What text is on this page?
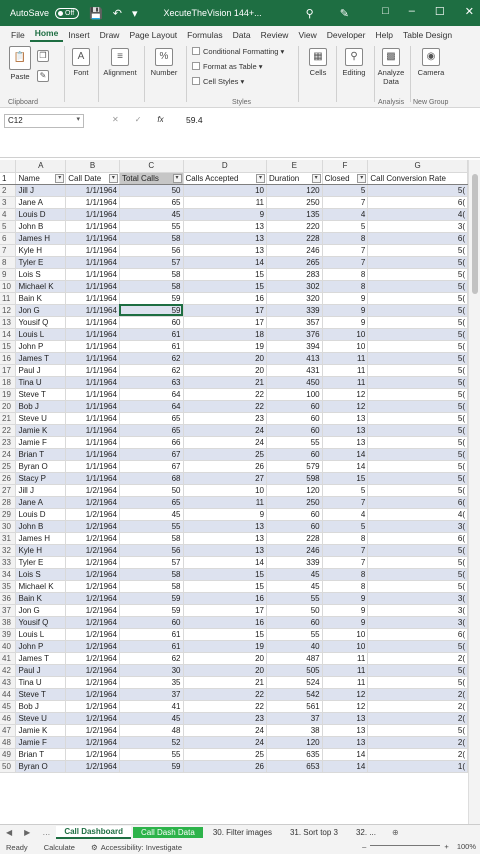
AutoSave	Off	💾 ↶ ▾	XecuteTheVision 144+...	⚲ ✎	□ – ☐ ✕
File	Home	Insert	Draw	Page Layout	Formulas	Data	Review	View	Developer	Help	Table Design
📋
Paste
❐
✎
Clipboard
A
Font
≡
Alignment
%
Number
Conditional Formatting ▾
Format as Table ▾
Cell Styles ▾
Styles
▦
Cells
⚲
Editing
▩
Analyze Data
Analysis
◉
Camera
New Group
C12	▾	✕ ✓ fx	59.4
	A	B	C	D	E	F	G
1	Name ▾	Call Date ▾	Total Calls ▾	Calls Accepted ▾	Duration ▾	Closed ▾	Call Conversion Rate
2	Jill J	1/1/1964	50	10	120	5	5(
3	Jane A	1/1/1964	65	11	250	7	6(
4	Louis D	1/1/1964	45	9	135	4	4(
5	John B	1/1/1964	55	13	220	5	3(
6	James H	1/1/1964	58	13	228	8	6(
7	Kyle H	1/1/1964	56	13	246	7	5(
8	Tyler E	1/1/1964	57	14	265	7	5(
9	Lois S	1/1/1964	58	15	283	8	5(
10	Michael K	1/1/1964	58	15	302	8	5(
11	Bain K	1/1/1964	59	16	320	9	5(
12	Jon G	1/1/1964	59	17	339	9	5(
13	Yousif Q	1/1/1964	60	17	357	9	5(
14	Louis L	1/1/1964	61	18	376	10	5(
15	John P	1/1/1964	61	19	394	10	5(
16	James T	1/1/1964	62	20	413	11	5(
17	Paul J	1/1/1964	62	20	431	11	5(
18	Tina U	1/1/1964	63	21	450	11	5(
19	Steve T	1/1/1964	64	22	100	12	5(
20	Bob J	1/1/1964	64	22	60	12	5(
21	Steve U	1/1/1964	65	23	60	13	5(
22	Jamie K	1/1/1964	65	24	60	13	5(
23	Jamie F	1/1/1964	66	24	55	13	5(
24	Brian T	1/1/1964	67	25	60	14	5(
25	Byran O	1/1/1964	67	26	579	14	5(
26	Stacy P	1/1/1964	68	27	598	15	5(
27	Jill J	1/2/1964	50	10	120	5	5(
28	Jane A	1/2/1964	65	11	250	7	6(
29	Louis D	1/2/1964	45	9	60	4	4(
30	John B	1/2/1964	55	13	60	5	3(
31	James H	1/2/1964	58	13	228	8	6(
32	Kyle H	1/2/1964	56	13	246	7	5(
33	Tyler E	1/2/1964	57	14	339	7	5(
34	Lois S	1/2/1964	58	15	45	8	5(
35	Michael K	1/2/1964	58	15	45	8	5(
36	Bain K	1/2/1964	59	16	55	9	3(
37	Jon G	1/2/1964	59	17	50	9	3(
38	Yousif Q	1/2/1964	60	16	60	9	3(
39	Louis L	1/2/1964	61	15	55	10	6(
40	John P	1/2/1964	61	19	40	10	5(
41	James T	1/2/1964	62	20	487	11	2(
42	Paul J	1/2/1964	30	20	505	11	5(
43	Tina U	1/2/1964	35	21	524	11	5(
44	Steve T	1/2/1964	37	22	542	12	2(
45	Bob J	1/2/1964	41	22	561	12	2(
46	Steve U	1/2/1964	45	23	37	13	2(
47	Jamie K	1/2/1964	48	24	38	13	5(
48	Jamie F	1/2/1964	52	24	120	13	2(
49	Brian T	1/2/1964	55	25	635	14	2(
50	Byran O	1/2/1964	59	26	653	14	1(
◀ ▶ …	Call Dashboard	Call Dash Data	30. Filter images	31. Sort top 3	32. ...	⊕
Ready Calculate ⚙ Accessibility: Investigate	–	+ 100%
